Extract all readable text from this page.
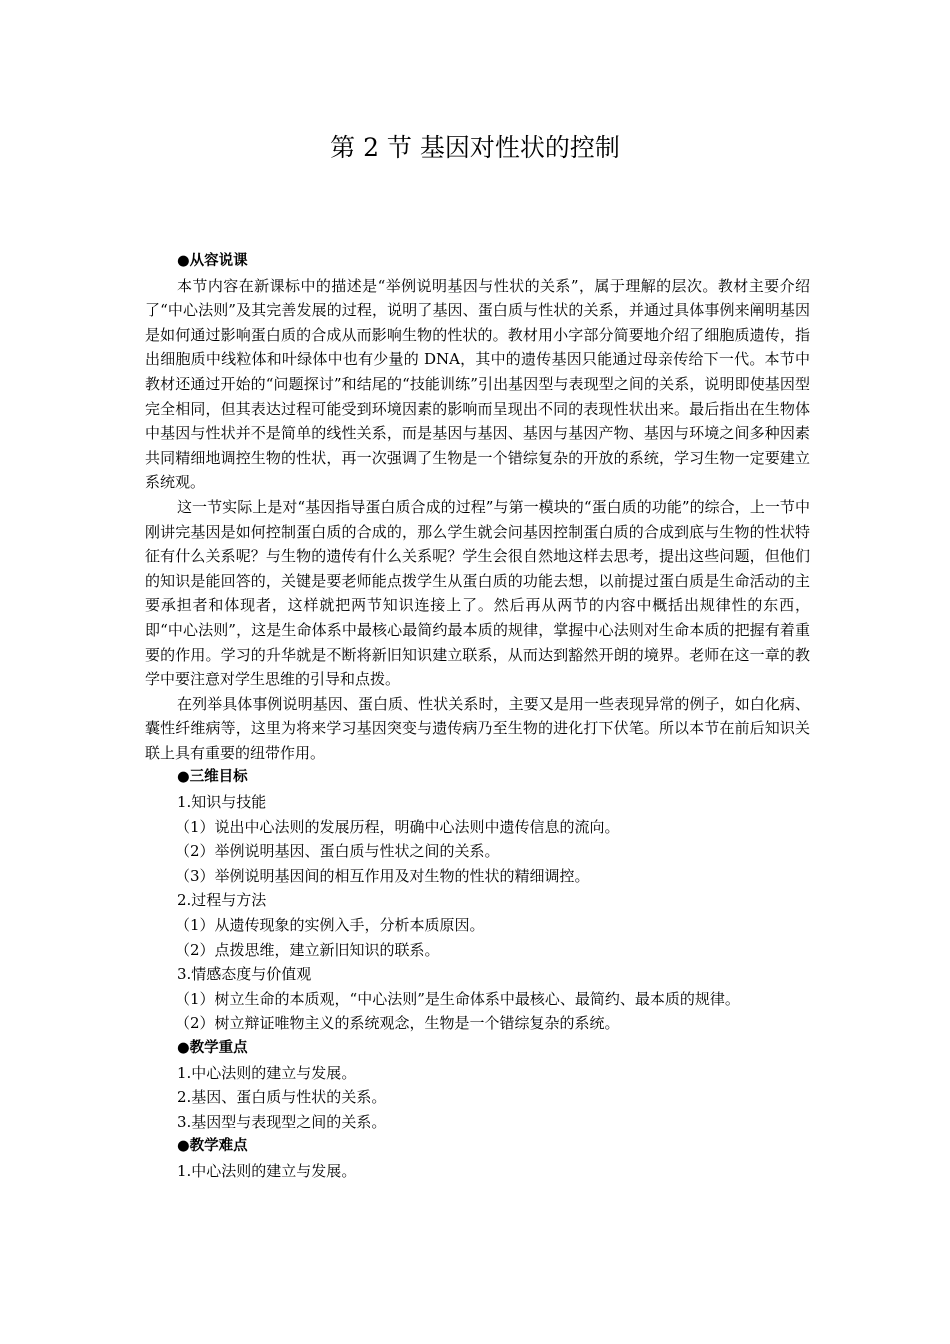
第 2 节 基因对性状的控制

●从容说课

本节内容在新课标中的描述是“举例说明基因与性状的关系”，属于理解的层次。教材主要介绍了“中心法则”及其完善发展的过程，说明了基因、蛋白质与性状的关系，并通过具体事例来阐明基因是如何通过影响蛋白质的合成从而影响生物的性状的。教材用小字部分简要地介绍了细胞质遗传，指出细胞质中线粒体和叶绿体中也有少量的 DNA，其中的遗传基因只能通过母亲传给下一代。本节中教材还通过开始的“问题探讨”和结尾的“技能训练”引出基因型与表现型之间的关系，说明即使基因型完全相同，但其表达过程可能受到环境因素的影响而呈现出不同的表现性状出来。最后指出在生物体中基因与性状并不是简单的线性关系，而是基因与基因、基因与基因产物、基因与环境之间多种因素共同精细地调控生物的性状，再一次强调了生物是一个错综复杂的开放的系统，学习生物一定要建立系统观。

这一节实际上是对“基因指导蛋白质合成的过程”与第一模块的“蛋白质的功能”的综合，上一节中刚讲完基因是如何控制蛋白质的合成的，那么学生就会问基因控制蛋白质的合成到底与生物的性状特征有什么关系呢？与生物的遗传有什么关系呢？学生会很自然地这样去思考，提出这些问题，但他们的知识是能回答的，关键是要老师能点拨学生从蛋白质的功能去想，以前提过蛋白质是生命活动的主要承担者和体现者，这样就把两节知识连接上了。然后再从两节的内容中概括出规律性的东西，即“中心法则”，这是生命体系中最核心最简约最本质的规律，掌握中心法则对生命本质的把握有着重要的作用。学习的升华就是不断将新旧知识建立联系，从而达到豁然开朗的境界。老师在这一章的教学中要注意对学生思维的引导和点拨。

在列举具体事例说明基因、蛋白质、性状关系时，主要又是用一些表现异常的例子，如白化病、囊性纤维病等，这里为将来学习基因突变与遗传病乃至生物的进化打下伏笔。所以本节在前后知识关联上具有重要的纽带作用。

●三维目标

1.知识与技能

（1）说出中心法则的发展历程，明确中心法则中遗传信息的流向。

（2）举例说明基因、蛋白质与性状之间的关系。

（3）举例说明基因间的相互作用及对生物的性状的精细调控。

2.过程与方法

（1）从遗传现象的实例入手，分析本质原因。

（2）点拨思维，建立新旧知识的联系。

3.情感态度与价值观

（1）树立生命的本质观，“中心法则”是生命体系中最核心、最简约、最本质的规律。

（2）树立辩证唯物主义的系统观念，生物是一个错综复杂的系统。

●教学重点

1.中心法则的建立与发展。

2.基因、蛋白质与性状的关系。

3.基因型与表现型之间的关系。

●教学难点

1.中心法则的建立与发展。
